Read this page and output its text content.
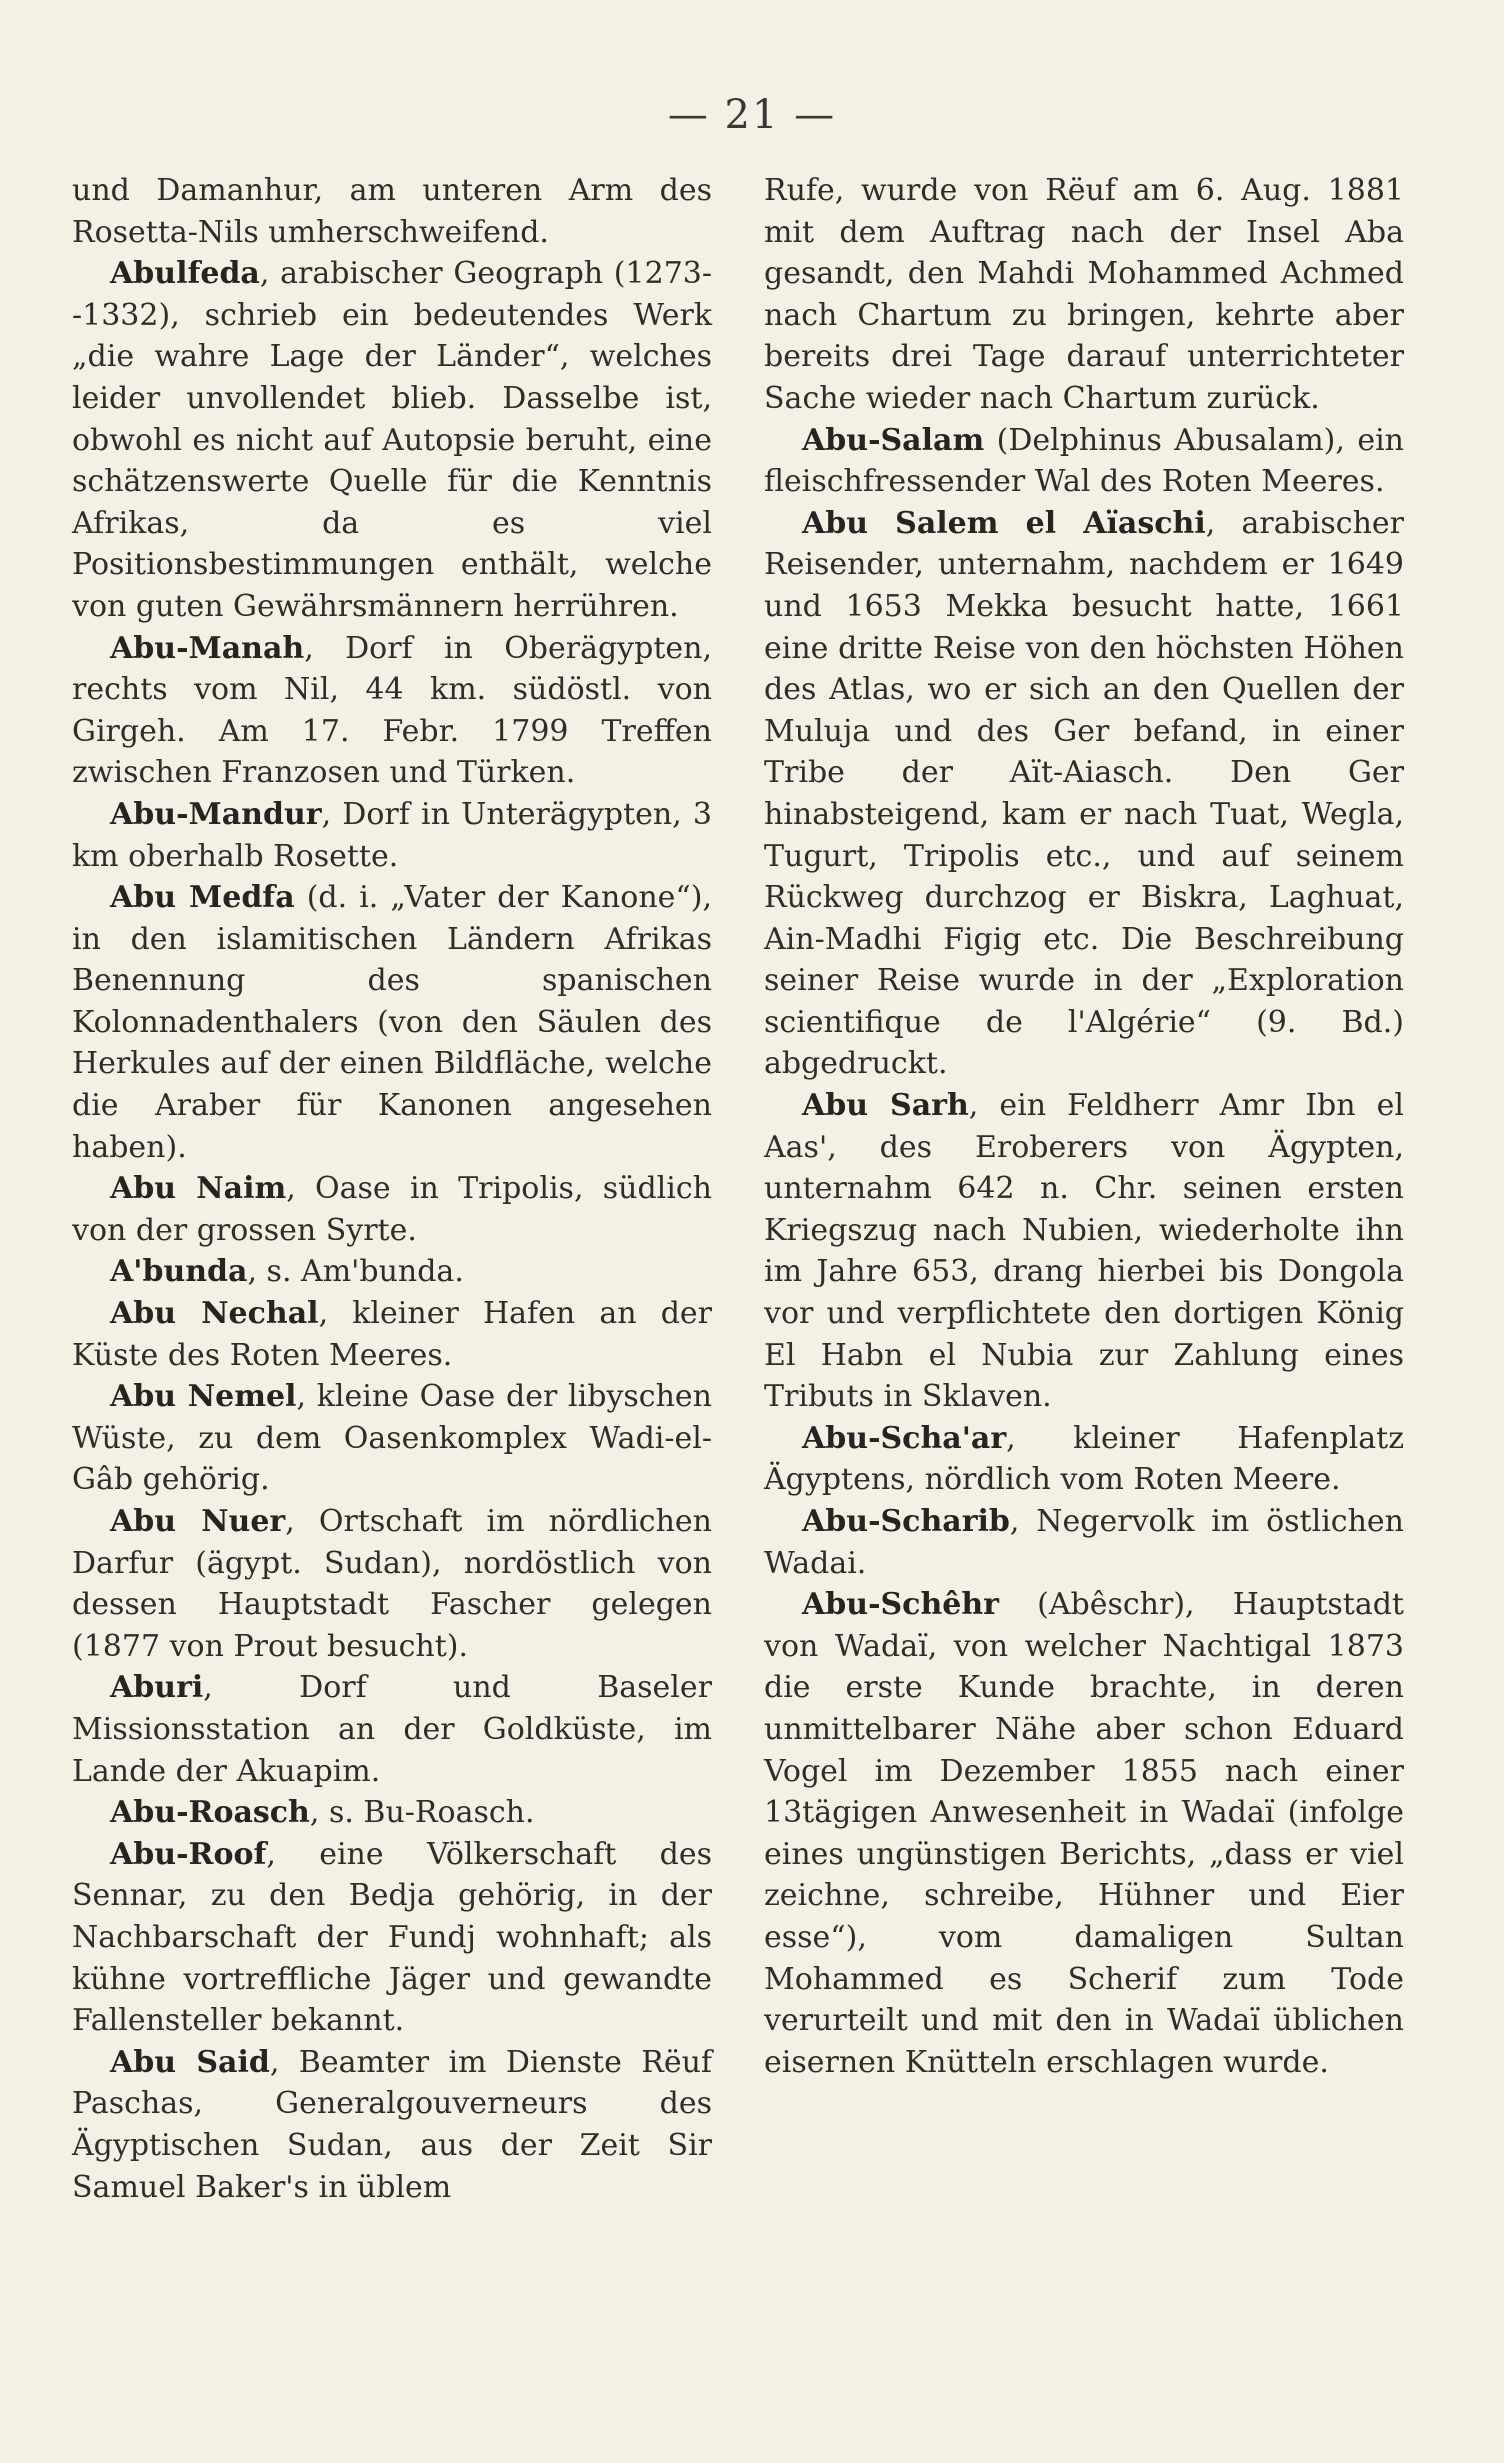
— 21 —

und Damanhur, am unteren Arm des Rosetta-Nils umherschweifend.

Abulfeda, arabischer Geograph (1273--1332), schrieb ein bedeutendes Werk „die wahre Lage der Länder“, welches leider unvollendet blieb. Dasselbe ist, obwohl es nicht auf Autopsie beruht, eine schätzenswerte Quelle für die Kenntnis Afrikas, da es viel Positionsbestimmungen enthält, welche von guten Gewährsmännern herrühren.

Abu-Manah, Dorf in Oberägypten, rechts vom Nil, 44 km. südöstl. von Girgeh. Am 17. Febr. 1799 Treffen zwischen Franzosen und Türken.

Abu-Mandur, Dorf in Unterägypten, 3 km oberhalb Rosette.

Abu Medfa (d. i. „Vater der Kanone“), in den islamitischen Ländern Afrikas Benennung des spanischen Kolonnadenthalers (von den Säulen des Herkules auf der einen Bildfläche, welche die Araber für Kanonen angesehen haben).

Abu Naim, Oase in Tripolis, südlich von der grossen Syrte.

A'bunda, s. Am'bunda.

Abu Nechal, kleiner Hafen an der Küste des Roten Meeres.

Abu Nemel, kleine Oase der libyschen Wüste, zu dem Oasenkomplex Wadi-el-Gâb gehörig.

Abu Nuer, Ortschaft im nördlichen Darfur (ägypt. Sudan), nordöstlich von dessen Hauptstadt Fascher gelegen (1877 von Prout besucht).

Aburi, Dorf und Baseler Missionsstation an der Goldküste, im Lande der Akuapim.

Abu-Roasch, s. Bu-Roasch.

Abu-Roof, eine Völkerschaft des Sennar, zu den Bedja gehörig, in der Nachbarschaft der Fundj wohnhaft; als kühne vortreffliche Jäger und gewandte Fallensteller bekannt.

Abu Said, Beamter im Dienste Rëuf Paschas, Generalgouverneurs des Ägyptischen Sudan, aus der Zeit Sir Samuel Baker's in üblem

Rufe, wurde von Rëuf am 6. Aug. 1881 mit dem Auftrag nach der Insel Aba gesandt, den Mahdi Mohammed Achmed nach Chartum zu bringen, kehrte aber bereits drei Tage darauf unterrichteter Sache wieder nach Chartum zurück.

Abu-Salam (Delphinus Abusalam), ein fleischfressender Wal des Roten Meeres.

Abu Salem el Aïaschi, arabischer Reisender, unternahm, nachdem er 1649 und 1653 Mekka besucht hatte, 1661 eine dritte Reise von den höchsten Höhen des Atlas, wo er sich an den Quellen der Muluja und des Ger befand, in einer Tribe der Aït-Aiasch. Den Ger hinabsteigend, kam er nach Tuat, Wegla, Tugurt, Tripolis etc., und auf seinem Rückweg durchzog er Biskra, Laghuat, Ain-Madhi Figig etc. Die Beschreibung seiner Reise wurde in der „Exploration scientifique de l'Algérie“ (9. Bd.) abgedruckt.

Abu Sarh, ein Feldherr Amr Ibn el Aas', des Eroberers von Ägypten, unternahm 642 n. Chr. seinen ersten Kriegszug nach Nubien, wiederholte ihn im Jahre 653, drang hierbei bis Dongola vor und verpflichtete den dortigen König El Habn el Nubia zur Zahlung eines Tributs in Sklaven.

Abu-Scha'ar, kleiner Hafenplatz Ägyptens, nördlich vom Roten Meere.

Abu-Scharib, Negervolk im östlichen Wadai.

Abu-Schêhr (Abêschr), Hauptstadt von Wadaï, von welcher Nachtigal 1873 die erste Kunde brachte, in deren unmittelbarer Nähe aber schon Eduard Vogel im Dezember 1855 nach einer 13tägigen Anwesenheit in Wadaï (infolge eines ungünstigen Berichts, „dass er viel zeichne, schreibe, Hühner und Eier esse“), vom damaligen Sultan Mohammed es Scherif zum Tode verurteilt und mit den in Wadaï üblichen eisernen Knütteln erschlagen wurde.
